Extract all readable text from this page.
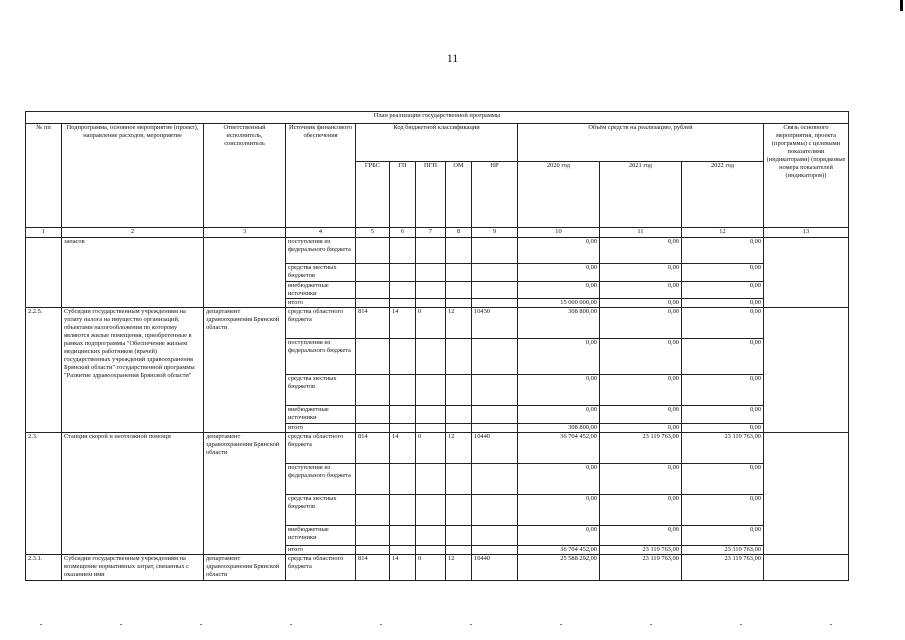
11
План реализации государственной программы												
№ пп	Подпрограмма, основное мероприятие (проект), направление расходов, мероприятие	Ответственный исполнитель, соисполнитель	Источник финансового обеспечения	Код бюджетной классификации					Объём средств на реализацию, рублей			Связь основного мероприятия, проекта (программы) с целевыми показателями (индикаторами) (порядковые номера показателей (индикаторов))
				ГРБС	ГП	ПГП	ОМ	НР	2020 год	2021 год	2022 год	
1	2	3	4	5	6	7	8	9	10	11	12	13
	запасов		поступления из федерального бюджета						0,00	0,00	0,00	
			средства местных бюджетов						0,00	0,00	0,00	
			внебюджетные источники						0,00	0,00	0,00	
			итого						15 000 000,00	0,00	0,00	
2.2.5.	Субсидии государственным учреждениям на уплату налога на имущество организаций, объектами налогообложения по которому являются жилые помещения, приобретенные в рамках подпрограммы "Обеспечение жильем медицинских работников (врачей) государственных учреждений здравоохранения Брянской области" государственной программы "Развитие здравоохранения Брянской области"	департамент здравоохранения Брянской области	средства областного бюджета	814	14	0	12	10430	308 800,00	0,00	0,00	
			поступления из федерального бюджета						0,00	0,00	0,00	
			средства местных бюджетов						0,00	0,00	0,00	
			внебюджетные источники						0,00	0,00	0,00	
			итого						308 800,00	0,00	0,00	
2.3.	Станции скорой и неотложной помощи	департамент здравоохранения Брянской области	средства областного бюджета	814	14	0	12	10440	36 704 452,00	23 119 763,00	23 119 763,00	
			поступления из федерального бюджета						0,00	0,00	0,00	
			средства местных бюджетов						0,00	0,00	0,00	
			внебюджетные источники						0,00	0,00	0,00	
			итого						36 704 452,00	23 119 763,00	23 119 763,00	
2.3.1.	Субсидии государственным учреждениям на возмещение нормативных затрат, связанных с оказанием ими	департамент здравоохранения Брянской области	средства областного бюджета	814	14	0	12	10440	25 588 292,00	23 119 763,00	23 119 763,00	
